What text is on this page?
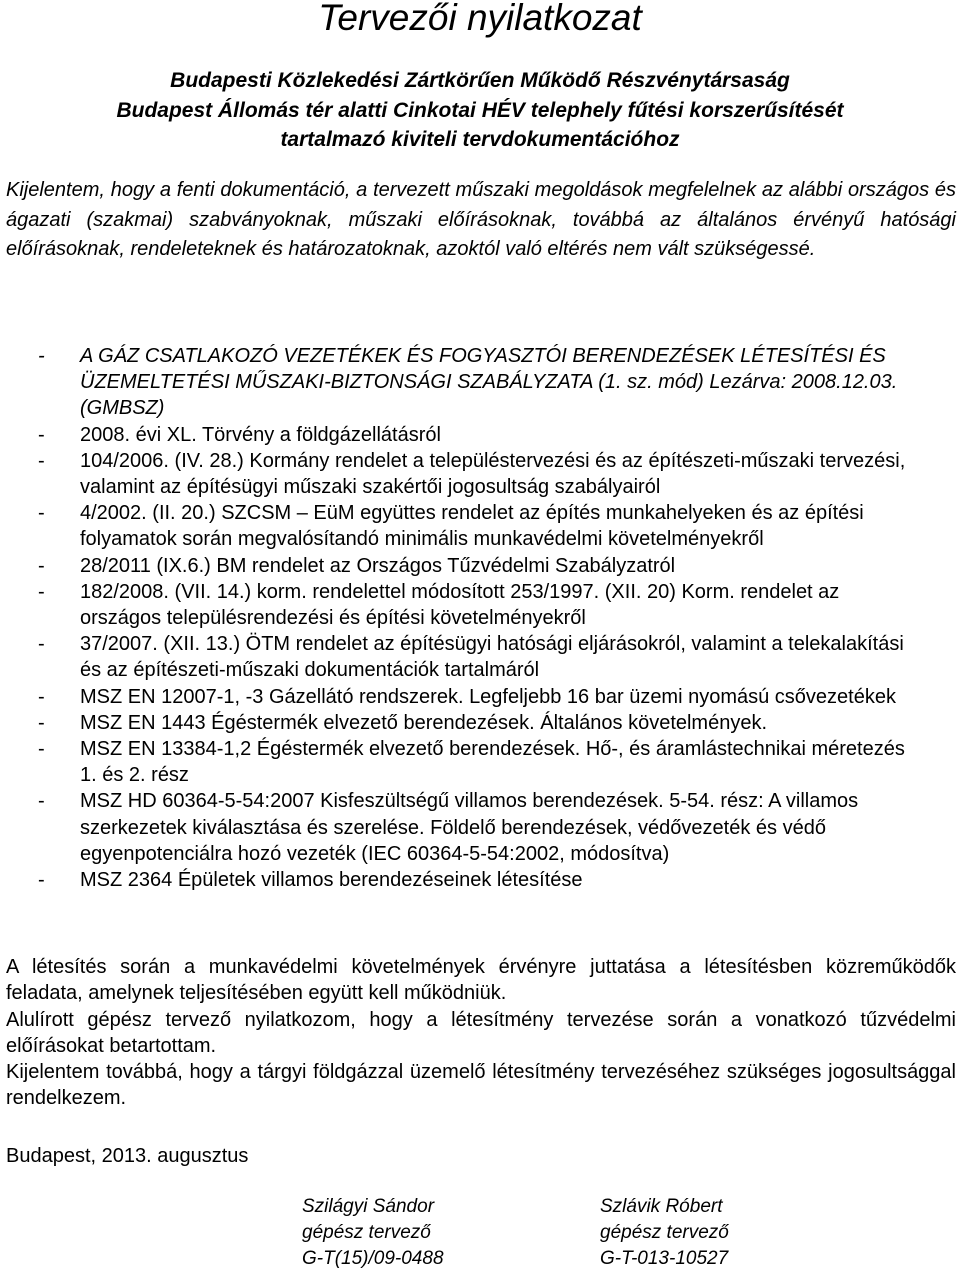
Tervezői nyilatkozat
Budapesti Közlekedési Zártkörűen Működő Részvénytársaság
Budapest Állomás tér alatti Cinkotai HÉV telephely fűtési korszerűsítését
tartalmazó kiviteli tervdokumentációhoz

Kijelentem, hogy a fenti dokumentáció, a tervezett műszaki megoldások megfelelnek az alábbi országos és ágazati (szakmai) szabványoknak, műszaki előírásoknak, továbbá az általános érvényű hatósági előírásoknak, rendeleteknek és határozatoknak, azoktól való eltérés nem vált szükségessé.

- A GÁZ CSATLAKOZÓ VEZETÉKEK ÉS FOGYASZTÓI BERENDEZÉSEK LÉTESÍTÉSI ÉS ÜZEMELTETÉSI MŰSZAKI-BIZTONSÁGI SZABÁLYZATA (1. sz. mód) Lezárva: 2008.12.03. (GMBSZ)
- 2008. évi XL. Törvény a földgázellátásról
- 104/2006. (IV. 28.) Kormány rendelet a településtervezési és az építészeti-műszaki tervezési, valamint az építésügyi műszaki szakértői jogosultság szabályairól
- 4/2002. (II. 20.) SZCSM – EüM együttes rendelet az építés munkahelyeken és az építési folyamatok során megvalósítandó minimális munkavédelmi követelményekről
- 28/2011 (IX.6.) BM rendelet az Országos Tűzvédelmi Szabályzatról
- 182/2008. (VII. 14.) korm. rendelettel módosított 253/1997. (XII. 20) Korm. rendelet az országos településrendezési és építési követelményekről
- 37/2007. (XII. 13.) ÖTM rendelet az építésügyi hatósági eljárásokról, valamint a telekalakítási és az építészeti-műszaki dokumentációk tartalmáról
- MSZ EN 12007-1, -3 Gázellátó rendszerek. Legfeljebb 16 bar üzemi nyomású csővezetékek
- MSZ EN 1443 Égéstermék elvezető berendezések. Általános követelmények.
- MSZ EN 13384-1,2 Égéstermék elvezető berendezések. Hő-, és áramlástechnikai méretezés 1. és 2. rész
- MSZ HD 60364-5-54:2007 Kisfeszültségű villamos berendezések. 5-54. rész: A villamos szerkezetek kiválasztása és szerelése. Földelő berendezések, védővezeték és védő egyenpotenciálra hozó vezeték (IEC 60364-5-54:2002, módosítva)
- MSZ 2364 Épületek villamos berendezéseinek létesítése

A létesítés során a munkavédelmi követelmények érvényre juttatása a létesítésben közreműködők feladata, amelynek teljesítésében együtt kell működniük.

Alulírott gépész tervező nyilatkozom, hogy a létesítmény tervezése során a vonatkozó tűzvédelmi előírásokat betartottam.

Kijelentem továbbá, hogy a tárgyi földgázzal üzemelő létesítmény tervezéséhez szükséges jogosultsággal rendelkezem.

Budapest, 2013. augusztus
Szilágyi Sándor
gépész tervező
G-T(15)/09-0488
Szlávik Róbert
gépész tervező
G-T-013-10527
